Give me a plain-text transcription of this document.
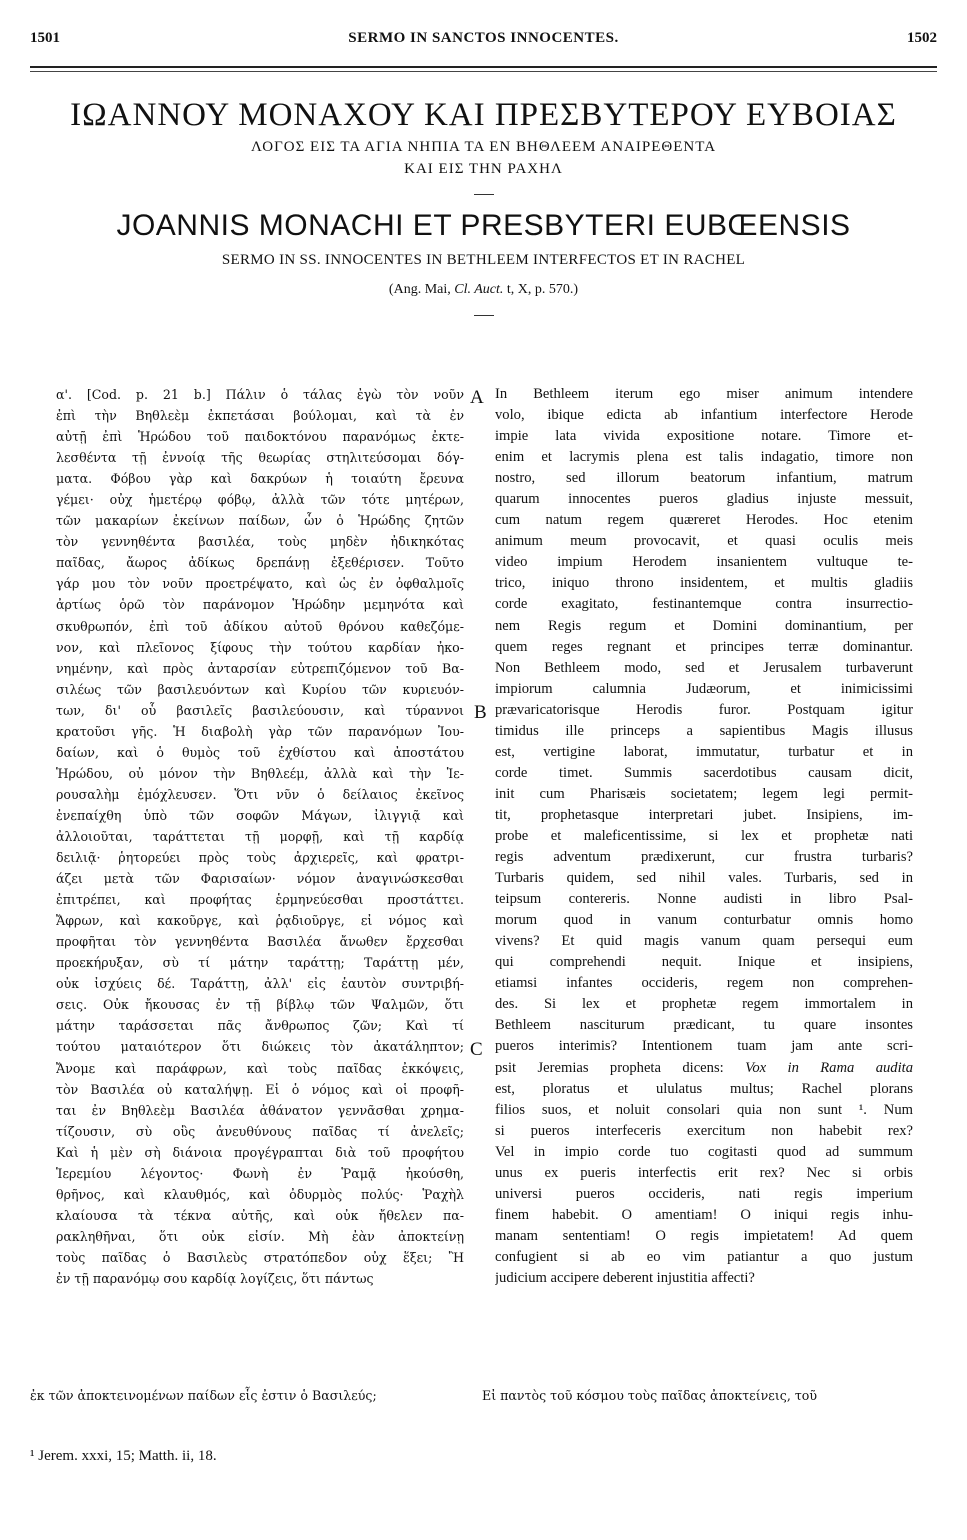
1501	SERMO IN SANCTOS INNOCENTES.	1502
ΙΩΑΝΝΟΥ ΜΟΝΑΧΟΥ ΚΑΙ ΠΡΕΣΒΥΤΕΡΟΥ ΕΥΒΟΙΑΣ
ΛΟΓΟΣ ΕΙΣ ΤΑ ΑΓΙΑ ΝΗΠΙΑ ΤΑ ΕΝ ΒΗΘΛΕΕΜ ΑΝΑΙΡΕΘΕΝΤΑ
ΚΑΙ ΕΙΣ ΤΗΝ ΡΑΧΗΛ
JOANNIS MONACHI ET PRESBYTERI EUBŒENSIS
SERMO IN SS. INNOCENTES IN BETHLEEM INTERFECTOS ET IN RACHEL
(Ang. Mai, Cl. Auct. t, X, p. 570.)
α'. [Cod. p. 21 b.] Πάλιν ὁ τάλας ἐγὼ τὸν νοῦν
ἐπὶ τὴν Βηθλεὲμ ἐκπετάσαι βούλομαι, καὶ τὰ ἐν
αὐτῇ ἐπὶ Ἡρώδου τοῦ παιδοκτόνου παρανόμως ἐκτε-
λεσθέντα τῇ ἐννοίᾳ τῆς θεωρίας στηλιτεύσομαι δόγ-
ματα. Φόβου γὰρ καὶ δακρύων ἡ τοιαύτη ἔρευνα
γέμει· οὐχ ἡμετέρῳ φόβῳ, ἀλλὰ τῶν τότε μητέρων,
τῶν μακαρίων ἐκείνων παίδων, ὧν ὁ Ἡρώδης ζητῶν
τὸν γεννηθέντα βασιλέα, τοὺς μηδὲν ἠδικηκότας
παῖδας, ἄωρος ἀδίκως δρεπάνῃ ἐξεθέρισεν. Τοῦτο
γάρ μου τὸν νοῦν προετρέψατο, καὶ ὡς ἐν ὀφθαλμοῖς
ἀρτίως ὁρῶ τὸν παράνομον Ἡρώδην μεμηνότα καὶ
σκυθρωπόν, ἐπὶ τοῦ ἀδίκου αὐτοῦ θρόνου καθεζόμε-
νον, καὶ πλεῖονος ξίφους τὴν τούτου καρδίαν ἠκο-
νημένην, καὶ πρὸς ἀνταρσίαν εὐτρεπιζόμενον τοῦ Βα-
σιλέως τῶν βασιλευόντων καὶ Κυρίου τῶν κυριευόν-
των, δι' οὗ βασιλεῖς βασιλεύουσιν, καὶ τύραννοι
κρατοῦσι γῆς. Ἡ διαβολὴ γὰρ τῶν παρανόμων Ἰου-
δαίων, καὶ ὁ θυμὸς τοῦ ἐχθίστου καὶ ἀποστάτου
Ἡρώδου, οὐ μόνον τὴν Βηθλεέμ, ἀλλὰ καὶ τὴν Ἱε-
ρουσαλὴμ ἐμόχλευσεν. Ὅτι νῦν ὁ δείλαιος ἐκεῖνος
ἐνεπαίχθη ὑπὸ τῶν σοφῶν Μάγων, ἰλιγγιᾷ καὶ
ἀλλοιοῦται, ταράττεται τῇ μορφῇ, καὶ τῇ καρδίᾳ
δειλιᾷ· ῥητορεύει πρὸς τοὺς ἀρχιερεῖς, καὶ φρατρι-
άζει μετὰ τῶν Φαρισαίων· νόμον ἀναγινώσκεσθαι
ἐπιτρέπει, καὶ προφήτας ἑρμηνεύεσθαι προστάττει.
Ἄφρων, καὶ κακοῦργε, καὶ ῥᾳδιοῦργε, εἰ νόμος καὶ
προφῆται τὸν γεννηθέντα Βασιλέα ἄνωθεν ἔρχεσθαι
προεκήρυξαν, σὺ τί μάτην ταράττῃ; Ταράττῃ μέν,
οὐκ ἰσχύεις δέ. Ταράττῃ, ἀλλ' εἰς ἑαυτὸν συντριβή-
σεις. Οὐκ ἤκουσας ἐν τῇ βίβλῳ τῶν Ψαλμῶν, ὅτι
μάτην ταράσσεται πᾶς ἄνθρωπος ζῶν; Καὶ τί
τούτου ματαιότερον ὅτι διώκεις τὸν ἀκατάληπτον;
Ἄνομε καὶ παράφρων, καὶ τοὺς παῖδας ἐκκόψεις,
τὸν Βασιλέα οὐ καταλήψῃ. Εἰ ὁ νόμος καὶ οἱ προφῆ-
ται ἐν Βηθλεὲμ Βασιλέα ἀθάνατον γεννᾶσθαι χρημα-
τίζουσιν, σὺ οὓς ἀνευθύνους παῖδας τί ἀνελεῖς;
Καὶ ἡ μὲν σὴ διάνοια προγέγραπται διὰ τοῦ προφήτου
Ἱερεμίου λέγοντος· Φωνὴ ἐν Ῥαμᾷ ἠκούσθη,
θρῆνος, καὶ κλαυθμός, καὶ ὀδυρμὸς πολύς· Ῥαχὴλ
κλαίουσα τὰ τέκνα αὐτῆς, καὶ οὐκ ἤθελεν πα-
ρακληθῆναι, ὅτι οὐκ εἰσίν. Μὴ ἐὰν ἀποκτείνῃ
τοὺς παῖδας ὁ Βασιλεὺς στρατόπεδον οὐχ ἕξει; Ἢ
ἐν τῇ παρανόμῳ σου καρδίᾳ λογίζεις, ὅτι πάντως
In Bethleem iterum ego miser animum intendere
volo, ibique edicta ab infantium interfectore Herode
impie lata vivida expositione notare. Timore et-
enim et lacrymis plena est talis indagatio, timore non
nostro, sed illorum beatorum infantium, matrum
quarum innocentes pueros gladius injuste messuit,
cum natum regem quæreret Herodes. Hoc etenim
animum meum provocavit, et quasi oculis meis
video impium Herodem insanientem vultuque te-
trico, iniquo throno insidentem, et multis gladiis
corde exagitato, festinantemque contra insurrectio-
nem Regis regum et Domini dominantium, per
quem reges regnant et principes terræ dominantur.
Non Bethleem modo, sed et Jerusalem turbaverunt
impiorum calumnia Judæorum, et inimicissimi
prævaricatorisque Herodis furor. Postquam igitur
timidus ille princeps a sapientibus Magis illusus
est, vertigine laborat, immutatur, turbatur et in
corde timet. Summis sacerdotibus causam dicit,
init cum Pharisæis societatem; legem legi permit-
tit, prophetasque interpretari jubet. Insipiens, im-
probe et maleficentissime, si lex et prophetæ nati
regis adventum prædixerunt, cur frustra turbaris?
Turbaris quidem, sed nihil vales. Turbaris, sed in
teipsum contereris. Nonne audisti in libro Psal-
morum quod in vanum conturbatur omnis homo
vivens? Et quid magis vanum quam persequi eum
qui comprehendi nequit. Inique et insipiens,
etiamsi infantes occideris, regem non comprehen-
des. Si lex et prophetæ regem immortalem in
Bethleem nasciturum prædicant, tu quare insontes
pueros interimis? Intentionem tuam jam ante scri-
psit Jeremias propheta dicens: Vox in Rama audita
est, ploratus et ululatus multus; Rachel plorans
filios suos, et noluit consolari quia non sunt ¹. Num
si pueros interfeceris exercitum non habebit rex?
Vel in impio corde tuo cogitasti quod ad summum
unus ex pueris interfectis erit rex? Nec si orbis
universi pueros occideris, nati regis imperium
finem habebit. O amentiam! O iniqui regis inhu-
manam sententiam! O regis impietatem! Ad quem
confugient si ab eo vim patiantur a quo justum
judicium accipere deberent injustitia affecti?
A
B
C
ἐκ τῶν ἀποκτεινομένων παίδων εἷς ἐστιν ὁ Βασιλεύς;	Εἰ παντὸς τοῦ κόσμου τοὺς παῖδας ἀποκτείνεις, τοῦ
¹ Jerem. xxxi, 15; Matth. ii, 18.
